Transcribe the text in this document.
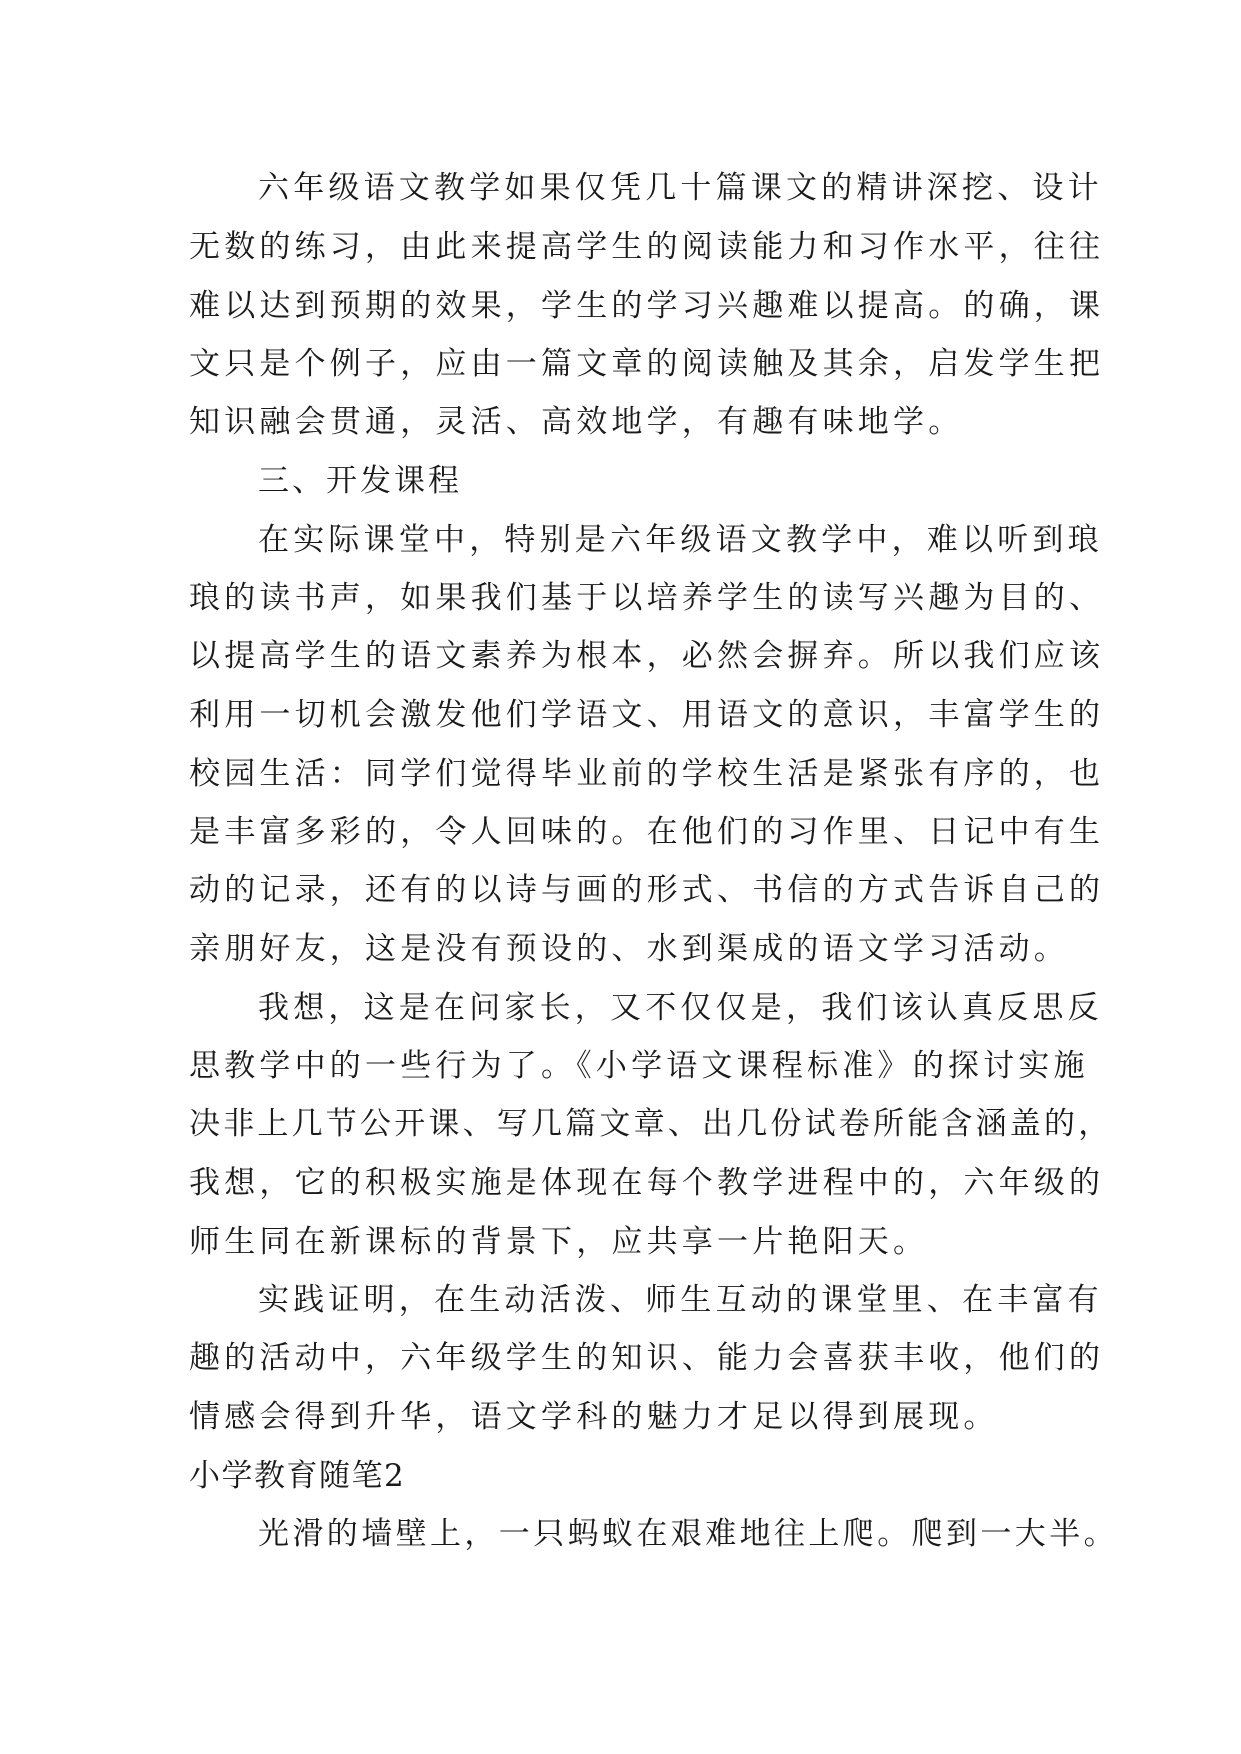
六年级语文教学如果仅凭几十篇课文的精讲深挖、设计
无数的练习，由此来提高学生的阅读能力和习作水平，往往
难以达到预期的效果，学生的学习兴趣难以提高。的确，课
文只是个例子，应由一篇文章的阅读触及其余，启发学生把
知识融会贯通，灵活、高效地学，有趣有味地学。
三、开发课程
在实际课堂中，特别是六年级语文教学中，难以听到琅
琅的读书声，如果我们基于以培养学生的读写兴趣为目的、
以提高学生的语文素养为根本，必然会摒弃。所以我们应该
利用一切机会激发他们学语文、用语文的意识，丰富学生的
校园生活：同学们觉得毕业前的学校生活是紧张有序的，也
是丰富多彩的，令人回味的。在他们的习作里、日记中有生
动的记录，还有的以诗与画的形式、书信的方式告诉自己的
亲朋好友，这是没有预设的、水到渠成的语文学习活动。
我想，这是在问家长，又不仅仅是，我们该认真反思反
思教学中的一些行为了。《小学语文课程标准》的探讨实施
决非上几节公开课、写几篇文章、出几份试卷所能含涵盖的，
我想，它的积极实施是体现在每个教学进程中的，六年级的
师生同在新课标的背景下，应共享一片艳阳天。
实践证明，在生动活泼、师生互动的课堂里、在丰富有
趣的活动中，六年级学生的知识、能力会喜获丰收，他们的
情感会得到升华，语文学科的魅力才足以得到展现。
小学教育随笔2
光滑的墙壁上，一只蚂蚁在艰难地往上爬。爬到一大半。
